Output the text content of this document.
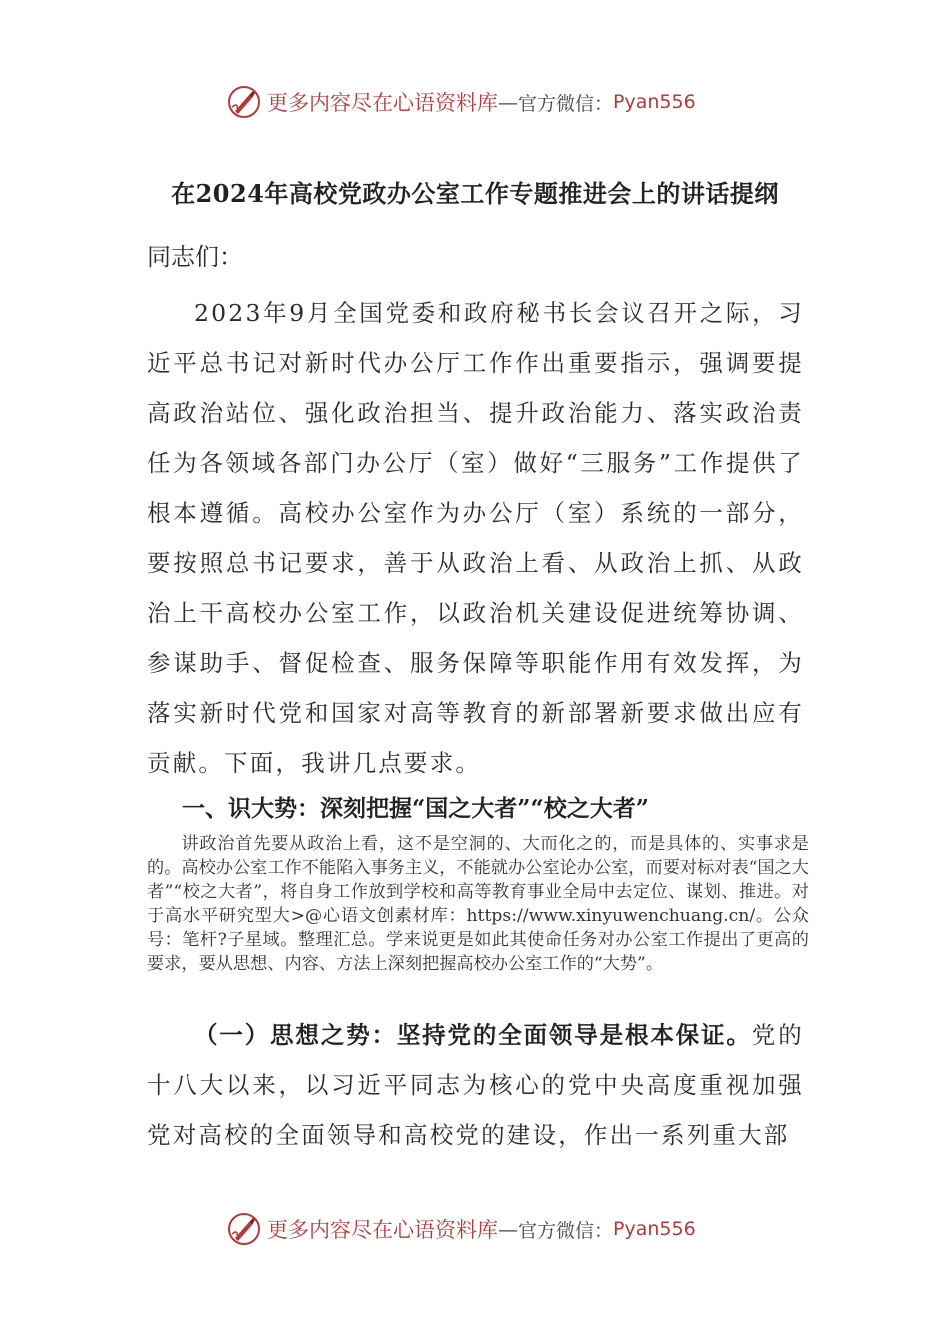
更多内容尽在心语资料库 — 官方微信： Pyan556
在2024年高校党政办公室工作专题推进会上的讲话提纲
同志们：
2023年9月全国党委和政府秘书长会议召开之际，习近平总书记对新时代办公厅工作作出重要指示，强调要提高政治站位、强化政治担当、提升政治能力、落实政治责任为各领域各部门办公厅（室）做好“三服务”工作提供了根本遵循。高校办公室作为办公厅（室）系统的一部分，要按照总书记要求，善于从政治上看、从政治上抓、从政治上干高校办公室工作，以政治机关建设促进统筹协调、参谋助手、督促检查、服务保障等职能作用有效发挥，为落实新时代党和国家对高等教育的新部署新要求做出应有贡献。下面，我讲几点要求。
一、识大势：深刻把握“国之大者”“校之大者”
讲政治首先要从政治上看，这不是空洞的、大而化之的，而是具体的、实事求是的。高校办公室工作不能陷入事务主义，不能就办公室论办公室，而要对标对表“国之大者”“校之大者”，将自身工作放到学校和高等教育事业全局中去定位、谋划、推进。对于高水平研究型大>@心语文创素材库：https://www.xinyuwenchuang.cn/。公众号：笔杆?子星域。整理汇总。学来说更是如此其使命任务对办公室工作提出了更高的要求，要从思想、内容、方法上深刻把握高校办公室工作的“大势”。
（一）思想之势：坚持党的全面领导是根本保证。党的十八大以来，以习近平同志为核心的党中央高度重视加强党对高校的全面领导和高校党的建设，作出一系列重大部
更多内容尽在心语资料库 — 官方微信： Pyan556
